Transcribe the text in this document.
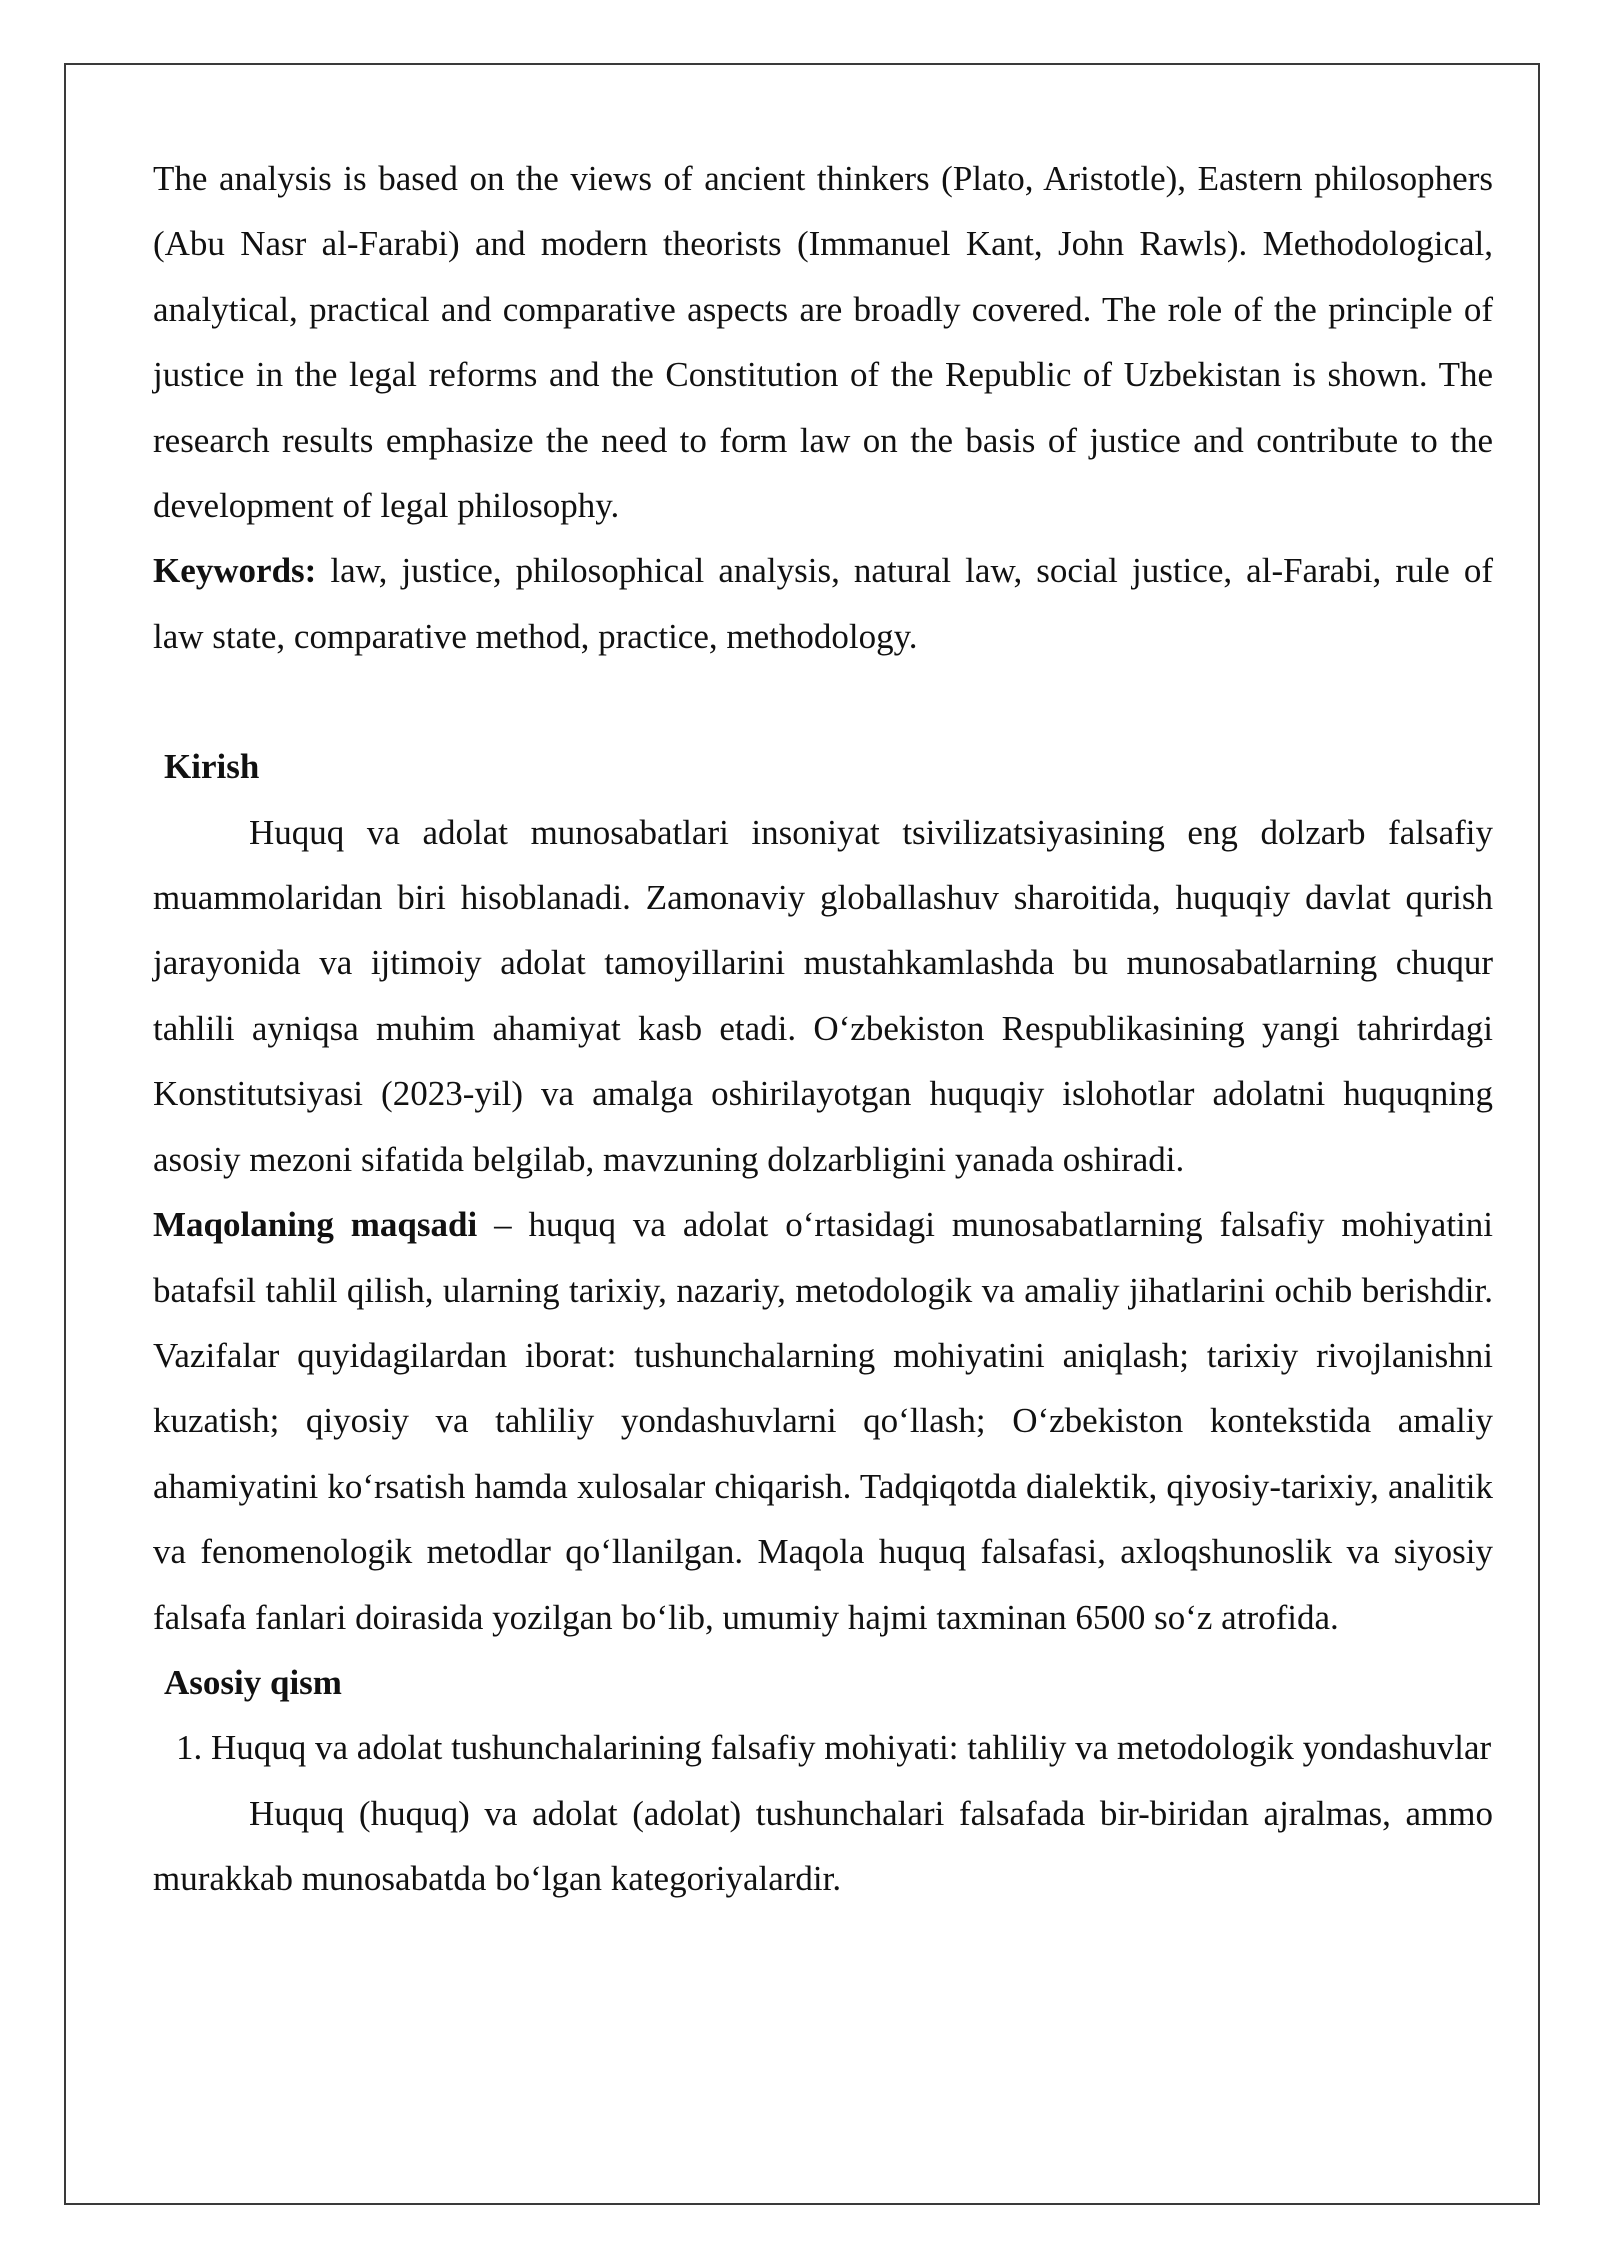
The analysis is based on the views of ancient thinkers (Plato, Aristotle), Eastern philosophers (Abu Nasr al-Farabi) and modern theorists (Immanuel Kant, John Rawls). Methodological, analytical, practical and comparative aspects are broadly covered. The role of the principle of justice in the legal reforms and the Constitution of the Republic of Uzbekistan is shown. The research results emphasize the need to form law on the basis of justice and contribute to the development of legal philosophy.

Keywords: law, justice, philosophical analysis, natural law, social justice, al-Farabi, rule of law state, comparative method, practice, methodology.

Kirish

Huquq va adolat munosabatlari insoniyat tsivilizatsiyasining eng dolzarb falsafiy muammolaridan biri hisoblanadi. Zamonaviy globallashuv sharoitida, huquqiy davlat qurish jarayonida va ijtimoiy adolat tamoyillarini mustahkamlashda bu munosabatlarning chuqur tahlili ayniqsa muhim ahamiyat kasb etadi. O‘zbekiston Respublikasining yangi tahrirdagi Konstitutsiyasi (2023-yil) va amalga oshirilayotgan huquqiy islohotlar adolatni huquqning asosiy mezoni sifatida belgilab, mavzuning dolzarbligini yanada oshiradi.

Maqolaning maqsadi – huquq va adolat o‘rtasidagi munosabatlarning falsafiy mohiyatini batafsil tahlil qilish, ularning tarixiy, nazariy, metodologik va amaliy jihatlarini ochib berishdir. Vazifalar quyidagilardan iborat: tushunchalarning mohiyatini aniqlash; tarixiy rivojlanishni kuzatish; qiyosiy va tahliliy yondashuvlarni qo‘llash; O‘zbekiston kontekstida amaliy ahamiyatini ko‘rsatish hamda xulosalar chiqarish. Tadqiqotda dialektik, qiyosiy-tarixiy, analitik va fenomenologik metodlar qo‘llanilgan. Maqola huquq falsafasi, axloqshunoslik va siyosiy falsafa fanlari doirasida yozilgan bo‘lib, umumiy hajmi taxminan 6500 so‘z atrofida.

Asosiy qism

1. Huquq va adolat tushunchalarining falsafiy mohiyati: tahliliy va metodologik yondashuvlar

Huquq (huquq) va adolat (adolat) tushunchalari falsafada bir-biridan ajralmas, ammo murakkab munosabatda bo‘lgan kategoriyalardir.
